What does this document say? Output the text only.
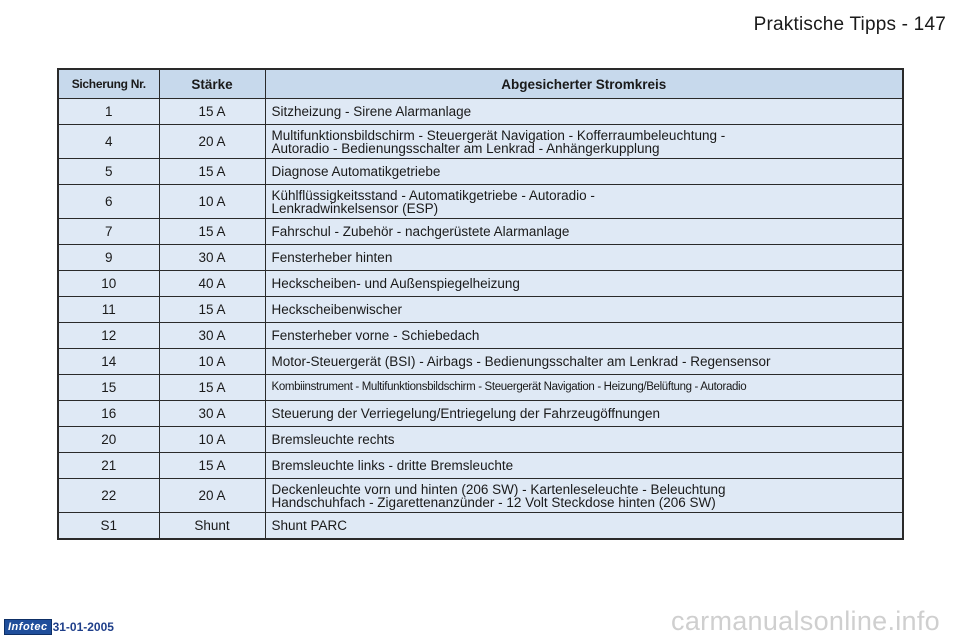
Praktische Tipps - 147
Sicherung Nr.	Stärke	Abgesicherter Stromkreis
1	15 A	Sitzheizung - Sirene Alarmanlage
4	20 A	Multifunktionsbildschirm - Steuergerät Navigation - Kofferraumbeleuchtung -
Autoradio - Bedienungsschalter am Lenkrad - Anhängerkupplung
5	15 A	Diagnose Automatikgetriebe
6	10 A	Kühlflüssigkeitsstand - Automatikgetriebe - Autoradio -
Lenkradwinkelsensor (ESP)
7	15 A	Fahrschul - Zubehör - nachgerüstete Alarmanlage
9	30 A	Fensterheber hinten
10	40 A	Heckscheiben- und Außenspiegelheizung
11	15 A	Heckscheibenwischer
12	30 A	Fensterheber vorne - Schiebedach
14	10 A	Motor-Steuergerät (BSI) - Airbags - Bedienungsschalter am Lenkrad - Regensensor
15	15 A	Kombiinstrument - Multifunktionsbildschirm - Steuergerät Navigation - Heizung/Belüftung - Autoradio
16	30 A	Steuerung der Verriegelung/Entriegelung der Fahrzeugöffnungen
20	10 A	Bremsleuchte rechts
21	15 A	Bremsleuchte links - dritte Bremsleuchte
22	20 A	Deckenleuchte vorn und hinten (206 SW) - Kartenleseleuchte - Beleuchtung
Handschuhfach - Zigarettenanzünder - 12 Volt Steckdose hinten (206 SW)
S1	Shunt	Shunt PARC
Infotec 31-01-2005	carmanualsonline.info
